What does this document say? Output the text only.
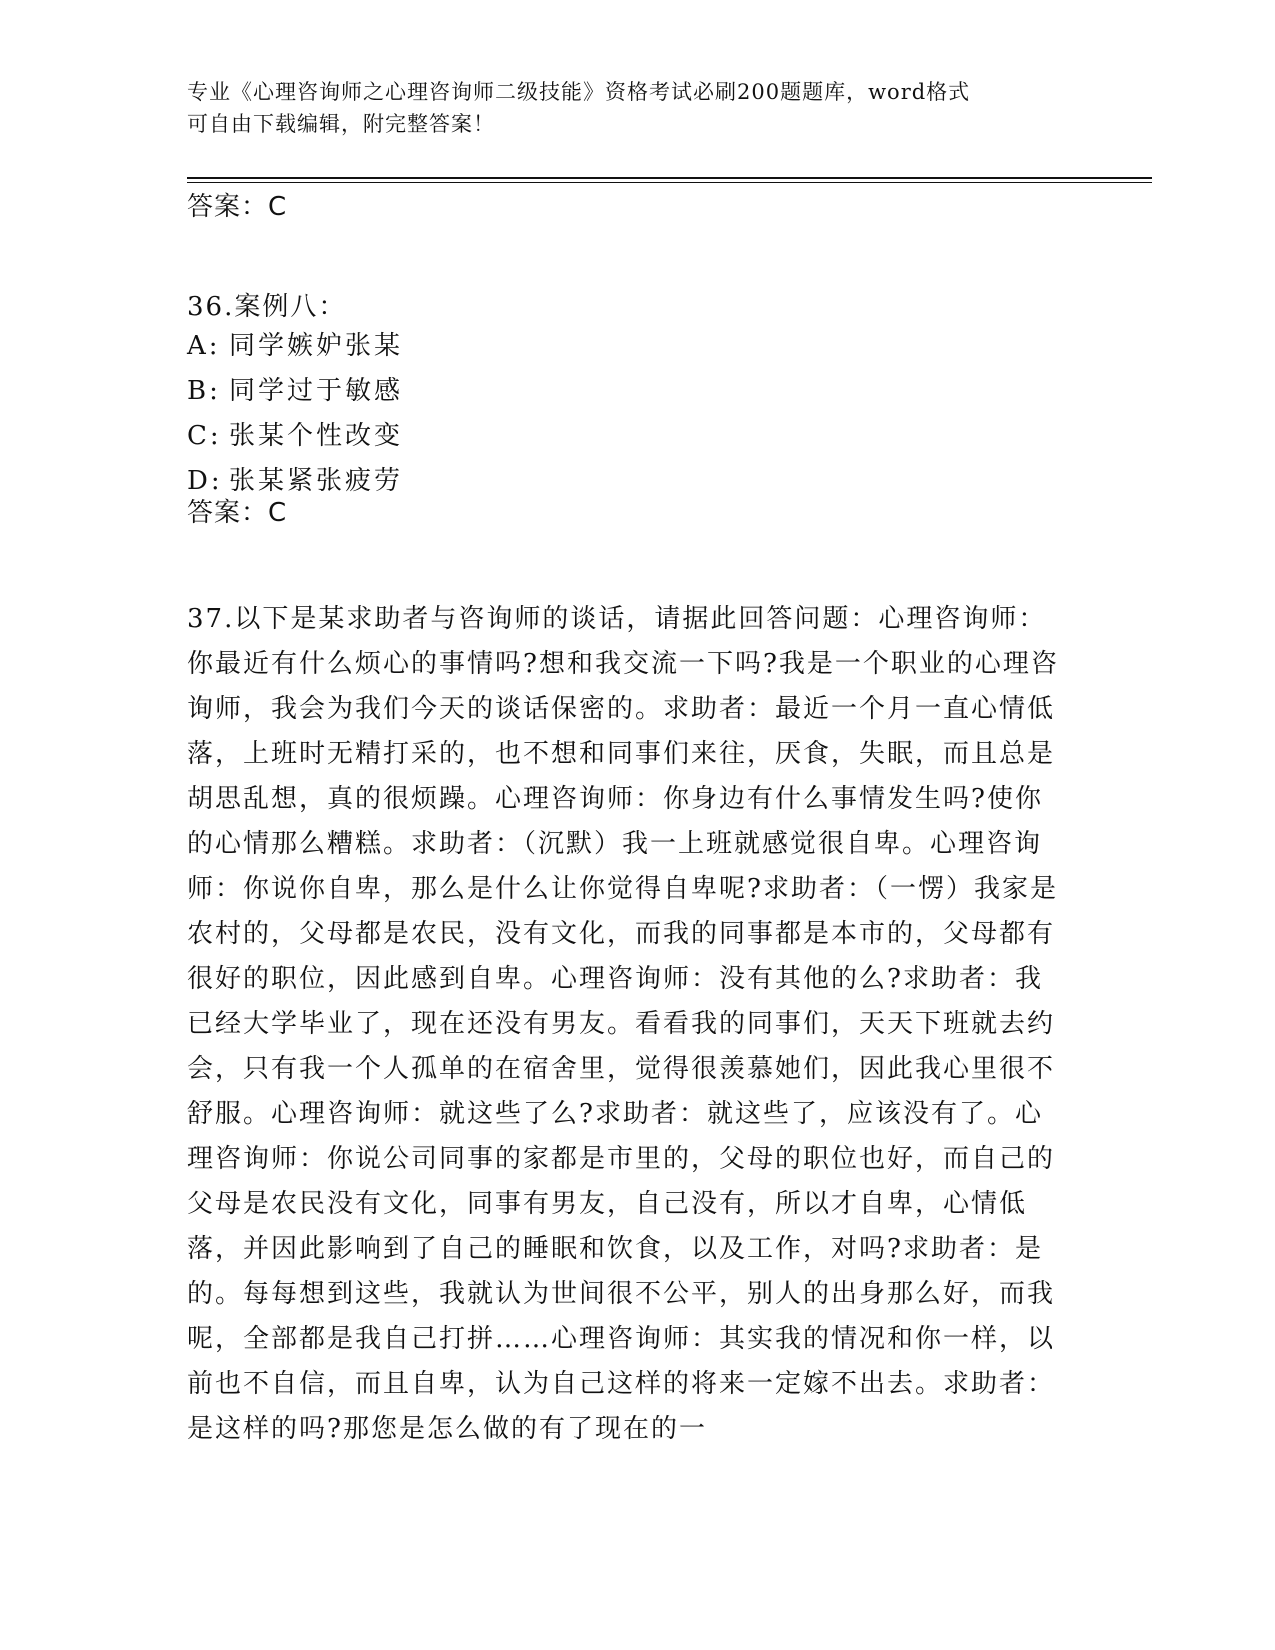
专业《心理咨询师之心理咨询师二级技能》资格考试必刷200题题库，word格式
可自由下载编辑，附完整答案！
答案：C
36.案例八：
A: 同学嫉妒张某
B: 同学过于敏感
C: 张某个性改变
D: 张某紧张疲劳
答案：C

37.以下是某求助者与咨询师的谈话，请据此回答问题：心理咨询师：你最近有什么烦心的事情吗?想和我交流一下吗?我是一个职业的心理咨询师，我会为我们今天的谈话保密的。求助者：最近一个月一直心情低落，上班时无精打采的，也不想和同事们来往，厌食，失眠，而且总是胡思乱想，真的很烦躁。心理咨询师：你身边有什么事情发生吗?使你的心情那么糟糕。求助者：（沉默）我一上班就感觉很自卑。心理咨询师：你说你自卑，那么是什么让你觉得自卑呢?求助者：（一愣）我家是农村的，父母都是农民，没有文化，而我的同事都是本市的，父母都有很好的职位，因此感到自卑。心理咨询师：没有其他的么?求助者：我已经大学毕业了，现在还没有男友。看看我的同事们，天天下班就去约会，只有我一个人孤单的在宿舍里，觉得很羡慕她们，因此我心里很不舒服。心理咨询师：就这些了么?求助者：就这些了，应该没有了。心理咨询师：你说公司同事的家都是市里的，父母的职位也好，而自己的父母是农民没有文化，同事有男友，自己没有，所以才自卑，心情低落，并因此影响到了自己的睡眠和饮食，以及工作，对吗?求助者：是的。每每想到这些，我就认为世间很不公平，别人的出身那么好，而我呢，全部都是我自己打拼……心理咨询师：其实我的情况和你一样，以前也不自信，而且自卑，认为自己这样的将来一定嫁不出去。求助者：是这样的吗?那您是怎么做的有了现在的一
